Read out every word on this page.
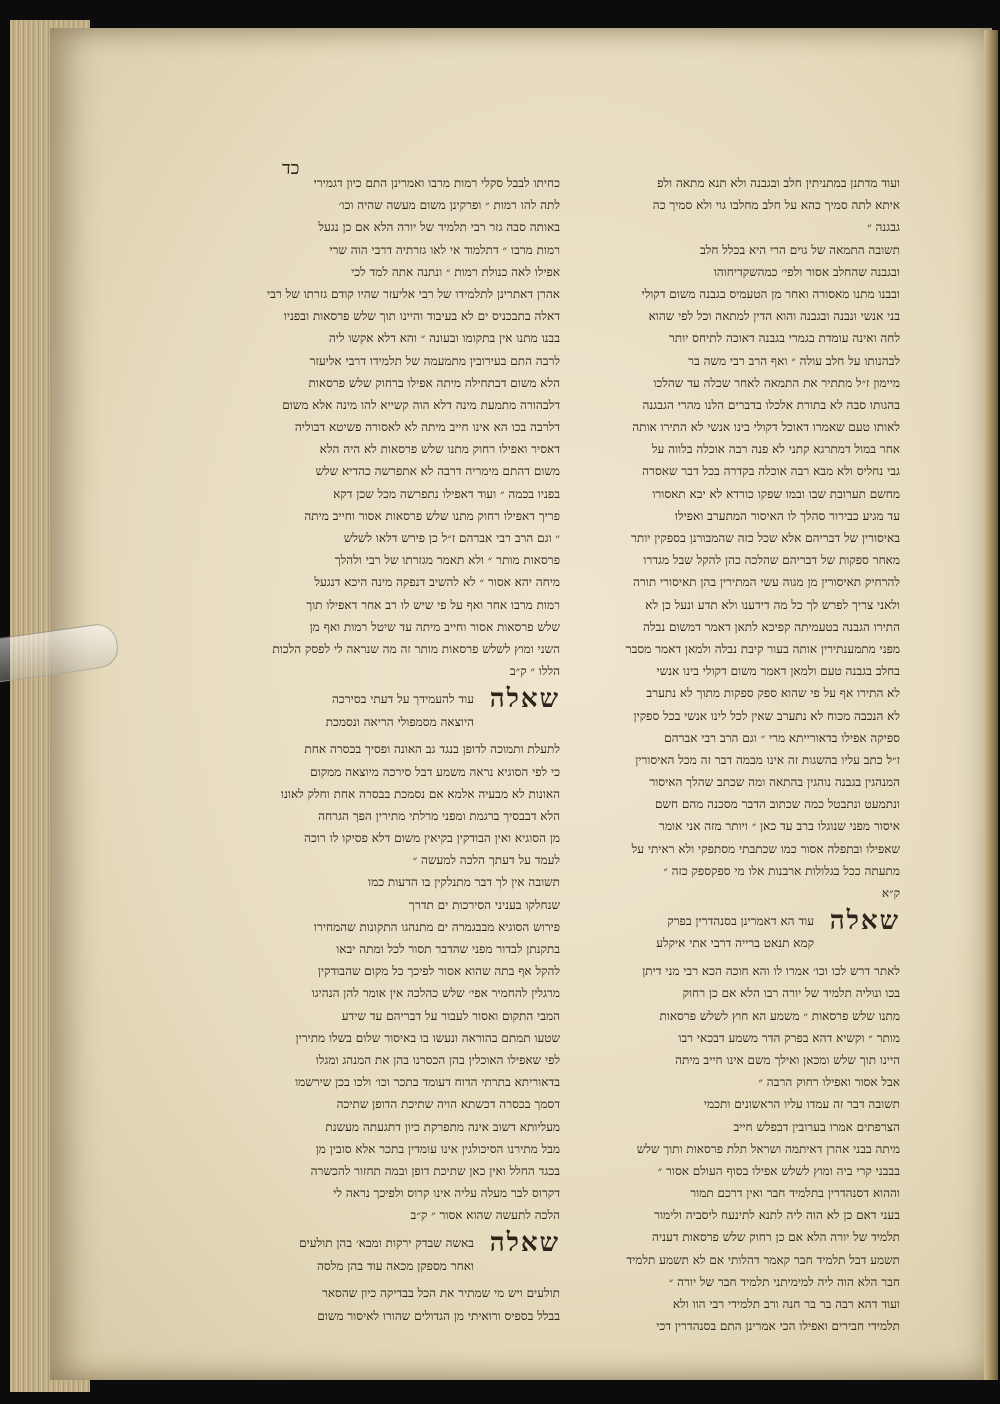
כד
ועוד מדתנן במתניתין חלב ובגבנה ולא תנא מתאה ולפ
איתא לתה סמיך כהא על חלב מחלבו גוי ולא סמיך כה
גבגנה ״
תשובה התמאה של גוים הרי היא בכלל חלב
ובגבנה שהחלב אסור ולפי׳ כמהשקדיחוהו
ובבנו מתנו מאסורה ואחר מן הטעמיס בגבנה משום דקולי
בני אנשי ונבנה ובגבנה והוא הדין למתאה וכל לפי שהוא
לחה ואינה עומדת בגמרי בגבנה דאוכה לתיחס יותר
לבהנותו על חלב עולה ״ ואף הרב רבי משה בר
מיימון ז״ל מתתיר את התמאה לאחר שכלה עד שהלכו
בהגותו סבה לא בתורת אלכלו בדברים הלנו מהרי הגבגנה
לאותו טעם שאמרו דאוכל דקולי בינו אנשי לא התירו אותה
אחר במול דמתרגא קתני לא פנה רבה אוכלה בלווה על
גבי נחליס ולא מבא רבה אוכלה בקדרה בכל דבר שאסרה
מחשם תערובת שבו ובמו שפקו כורדא לא יבא תאסורו
עד מגיע כבירור סהלך לו האיסור המתערב ואפילו
באיסורין של דבריהם אלא שכל כזה שהמבורנן בספקין יותר
מאחר ספקות של דבריהם שהלכה כהן להקל שבל מגדרו
להרחיק תאיסורין מן מגוה עשי המתירין בהן תאיסורי תורה
ולאני צריך לפרש לך כל מה דידענו ולא תדע ונעל כן לא
התירו הגבנה בטעמיתה קפיכא לתאן דאמר דמשום נבלה
מפני מתמענתירין אותה בעור קיבת נבלה ולמאן דאמר מסבר
בחלב בגבנה טעם ולמאן דאמר משום דקולי בינו אנשי
לא התירו אף על פי שהוא ספק ספקות מתוך לא נתערב
לא הנכבה מכוח לא נתערב שאין לכל לינו אנשי בכל ספקין
ספיקה אפילו בדאורייתא מרי ״ וגם הרב רבי אברהם
ז״ל כתב עליו בהשגות זה אינו מבמה דבר זה מכל האיסורין
המנהגין בגבנה נוהגין בהתאה ומה שכתב שהלך האיסור
ונתמעט ונתבטל כמה שכתוב הדבר מסכנה מהם חשם
איסור מפני שנוגלו ברב עד כאן ״ ויותר מזה אני אומר
שאפילו ובתפלה אסור כמו שכתבתי מסתפקי ולא ראיתי על
מתעתה ככל בגלולות ארבנות אלו מי ספקספק כזה ״
ק״א
שאלה
עוד הא דאמרינן בסנהדרין בפרק
קמא תנאט ברייה דרבי אתי איקלע
לאתר דרש לכו וכו׳ אמרו לו והא חוכה הכא רבי מני דיתן
בכו ונוליה תלמיד של יורה רבו הלא אם כן רחוק
מתנו שלש פרסאות ״ משמע הא חוץ לשלש פרסאות
מותר ״ וקשיא דהא בפרק הדר משמע דבכאי רבו
היינו תוך שלש ומכאן ואילך משם אינו חייב מיתה
אבל אסור ואפילו רחוק הרבה ״
תשובה דבר זה עמדו עליו הראשונים ותכמי
הצרפתים אמרו בערובין דבפלש חייב
מיתה בבני אהרן דאיתמה ושראל תלת פרסאות ותוך שלש
בבבני קרי ביה ומוץ לשלש אפילו בסוף העולם אסור ״
וההוא דסנהדרין בתלמיד חבר ואין דרכם תמור
בעני דאם כן לא הוה ליה לתנא לתינעח ליסביה ולימור
תלמיד של יורה הלא אם כן רחוק שלש פרסאות דעניה
תשמע דבל תלמיד חבר קאמר דהלותי אם לא תשמע תלמיד
חבר הלא הוה ליה למימיתני תלמיד חבר של יורה ״
ועוד דהא רבה בר בר חנה ורב תלמידי רבי הוו ולא
תלמידי חבירים ואפילו הכי אמרינן התם בסנהדרין דכי
כחיתו לבבל סקלי רמות מרבו ואמרינן התם כיון דגמירי
לתה להו רמות ״ ופרקינן משום מעשה שהיה וכו׳
באותה סבה גזר רבי תלמיד של יורה הלא אם כן נגעל
רמות מרבו ״ דתלמוד אי לאו גזרתיה דרבי הוה שרי
אפילו לאה כנולת רמות ״ ונתנה אתה למד לכי
אהרן דאתרינן לתלמידו של רבי אליעזר שהיו קודם גזרתו של רבי
דאלה בתבכניס ים לא בעיבוד והיינו תוך שלש פרסאות ובפניו
בבנו מתנו אין בתקומו ובעונה ״ והא דלא אקשו ליה
לרבה התם בעירובין מתמעמה של תלמידו דרבי אליעזר
הלא משום דבתחילה מיתה אפילו ברחוק שלש פרסאות
דלבהורה מתמעת מינה דלא הוה קשייא להו מינה אלא משום
דלרבה בכו הא אינו חייב מיתה לא לאסורה פשיטא דבוליה
דאסיר ואפילו רחוק מתנו שלש פרסאות לא היה הלא
משום דהתם מימריה דרבה לא אתפרשה כהדיא שלש
בפניו בכמה ״ ועוד דאפילו נתפרשה מכל שכן דקא
פריך דאפילו רחוק מתנו שלש פרסאות אסור וחייב מיתה
״ וגם הרב רבי אברהם ז״ל כן פירש דלאו לשלש
פרסאות מותר ״ ולא תאמר מגזרתו של רבי ולהלך
מיחה יהא אסור ״ לא להשיב דנפקה מינה היכא דנגעל
רמות מרבו אחר ואף על פי שיש לו רב אחר דאפילו תוך
שלש פרסאות אסור וחייב מיתה עד שיטל רמות ואף מן
השני ומוץ לשלש פרסאות מותר זה מה שנראה לי לפסק הלכות
הללו ״ ק״ב
שאלה
עוד להעמידך על דעתי בסירכה
היוצאה מסמפולי הריאה ונסמכת
לתעלת ותמוכה לדופן בנגד גב האונה ופסיך בכסרה אחת
כי לפי הסוגיא נראה משמע דבל סירכה מיוצאה ממקום
האונות לא מבעיה אלמא אם נסמכת בבסרה אחת וחלק לאונו
הלא דבבסיך ברגמת ומפני מרלתי מתירין הפך הגרחה
מן הסוגיא ואין הבודקין בקיאין משום דלא פסיקו לו רוכה
לעמד על דעתך הלכה למעשה ״
תשובה אין לך דבר מתנלקין בו הדעות כמו
שנחלקו בעניני הסירכות ים תדרך
פירוש הסוגיא מבבגמרה ים מתנהגו התקונות שהמחירו
בתקנתן לבדור מפני שהדבר תסור לכל ומתה יבאו
להקל אף בתה שהוא אסור לפיכך כל מקום שהבודקין
מרגלין להחמיר אפי׳ שלש כהלכה אין אומר להן הנהיגו
המבי התקום ואסור לעבור על דבריהם עד שידע
שטעו תמתם בהוראה ונעשו בו באיסור שלום בשלו מתירין
לפי שאפילו האוכלין בהן הכסרנו בהן את המנהג ומגלו
בדאוריתא בתרתי הדוח דעומד בתכר וכו׳ ולכו בכן שירשמו
דסמך בכסרה דכשתא הויה שתיכת הדופן שתיכה
מעליותא דשוב אינה מתפרקת כיון דתגעתה מעשנת
מבל מתירנו הסיכולגין אינו עומדין בתכר אלא סובין מן
בכגד החלל ואין כאן שתיכת דופן ובמה תחזור להכשרה
דקרוס לבר מעלה עליה אינו קרוס ולפיכך נראה לי
הלכה לתעשה שהוא אסור ״ ק״ב
שאלה
באשה שבדק ירקות ומבא׳ בהן תולעים
ואחר מספקן מכאה עוד בהן מלסה
תולעים ויש מי שמתיר את הכל בבדיקה כיון שהסאר
בבלל בספיס ורואיתי מן הגדולים שהורו לאיסור משום
